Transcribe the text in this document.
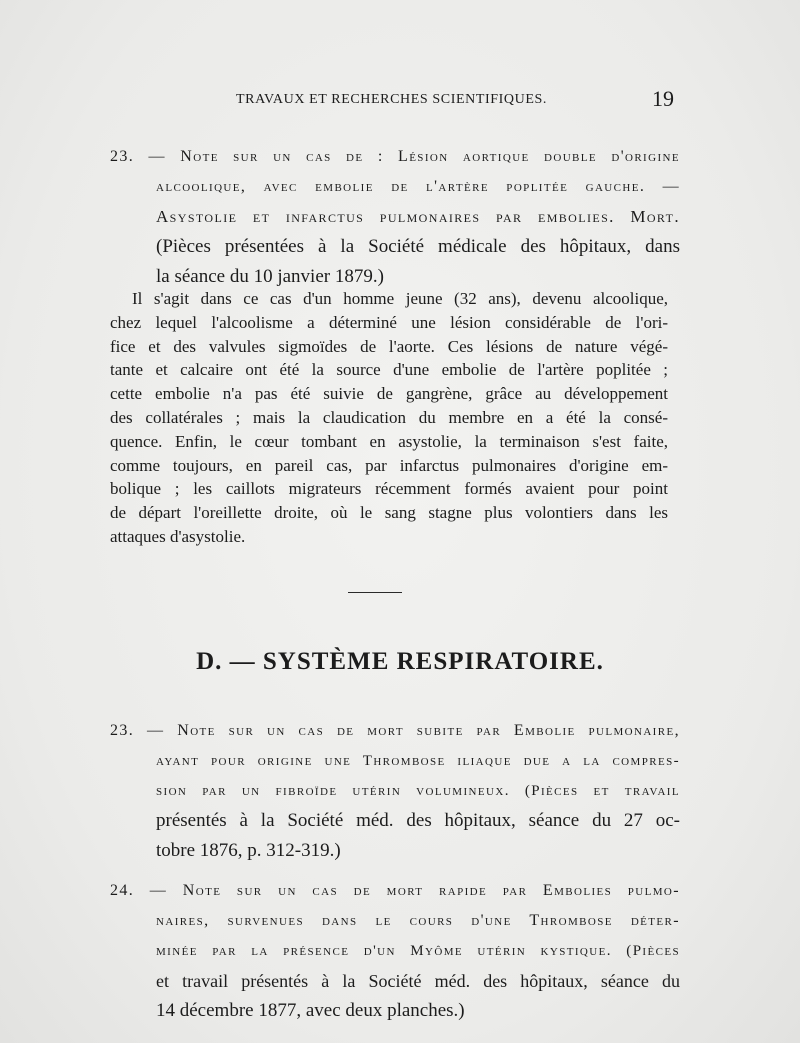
TRAVAUX ET RECHERCHES SCIENTIFIQUES.	19
23. — Note sur un cas de : Lésion aortique double d'origine
alcoolique, avec embolie de l'artère poplitée gauche. —
Asystolie et infarctus pulmonaires par embolies. Mort.
(Pièces présentées à la Société médicale des hôpitaux, dans
la séance du 10 janvier 1879.)
Il s'agit dans ce cas d'un homme jeune (32 ans), devenu alcoolique,
chez lequel l'alcoolisme a déterminé une lésion considérable de l'ori-
fice et des valvules sigmoïdes de l'aorte. Ces lésions de nature végé-
tante et calcaire ont été la source d'une embolie de l'artère poplitée ;
cette embolie n'a pas été suivie de gangrène, grâce au développement
des collatérales ; mais la claudication du membre en a été la consé-
quence. Enfin, le cœur tombant en asystolie, la terminaison s'est faite,
comme toujours, en pareil cas, par infarctus pulmonaires d'origine em-
bolique ; les caillots migrateurs récemment formés avaient pour point
de départ l'oreillette droite, où le sang stagne plus volontiers dans les
attaques d'asystolie.
D. — SYSTÈME RESPIRATOIRE.
23. — Note sur un cas de mort subite par Embolie pulmonaire,
ayant pour origine une Thrombose iliaque due a la compres-
sion par un fibroïde utérin volumineux. (Pièces et travail
présentés à la Société méd. des hôpitaux, séance du 27 oc-
tobre 1876, p. 312-319.)
24. — Note sur un cas de mort rapide par Embolies pulmo-
naires, survenues dans le cours d'une Thrombose déter-
minée par la présence d'un Myôme utérin kystique. (Pièces
et travail présentés à la Société méd. des hôpitaux, séance du
14 décembre 1877, avec deux planches.)
